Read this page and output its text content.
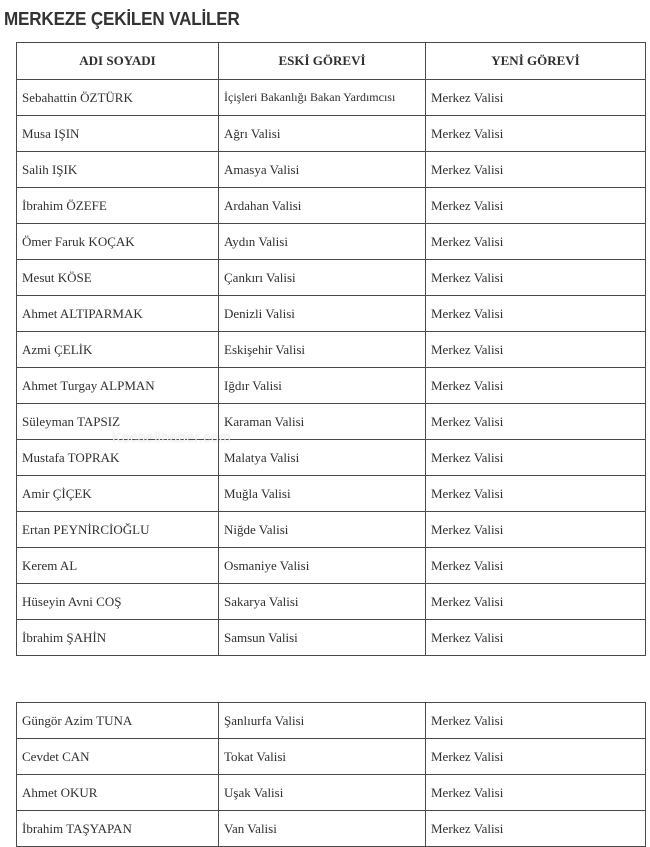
MERKEZE ÇEKİLEN VALİLER
ADI SOYADI	ESKİ GÖREVİ	YENİ GÖREVİ
Sebahattin ÖZTÜRK	İçişleri Bakanlığı Bakan Yardımcısı	Merkez Valisi
Musa IŞIN	Ağrı Valisi	Merkez Valisi
Salih IŞIK	Amasya Valisi	Merkez Valisi
İbrahim ÖZEFE	Ardahan Valisi	Merkez Valisi
Ömer Faruk KOÇAK	Aydın Valisi	Merkez Valisi
Mesut KÖSE	Çankırı Valisi	Merkez Valisi
Ahmet ALTIPARMAK	Denizli Valisi	Merkez Valisi
Azmi ÇELİK	Eskişehir Valisi	Merkez Valisi
Ahmet Turgay ALPMAN	Iğdır Valisi	Merkez Valisi
Süleyman TAPSIZ	Karaman Valisi	Merkez Valisi
Mustafa TOPRAK	Malatya Valisi	Merkez Valisi
Amir ÇİÇEK	Muğla Valisi	Merkez Valisi
Ertan PEYNİRCİOĞLU	Niğde Valisi	Merkez Valisi
Kerem AL	Osmaniye Valisi	Merkez Valisi
Hüseyin Avni COŞ	Sakarya Valisi	Merkez Valisi
İbrahim ŞAHİN	Samsun Valisi	Merkez Valisi
Güngör Azim TUNA	Şanlıurfa Valisi	Merkez Valisi
Cevdet CAN	Tokat Valisi	Merkez Valisi
Ahmet OKUR	Uşak Valisi	Merkez Valisi
İbrahim TAŞYAPAN	Van Valisi	Merkez Valisi
Kocaelihaber.com
